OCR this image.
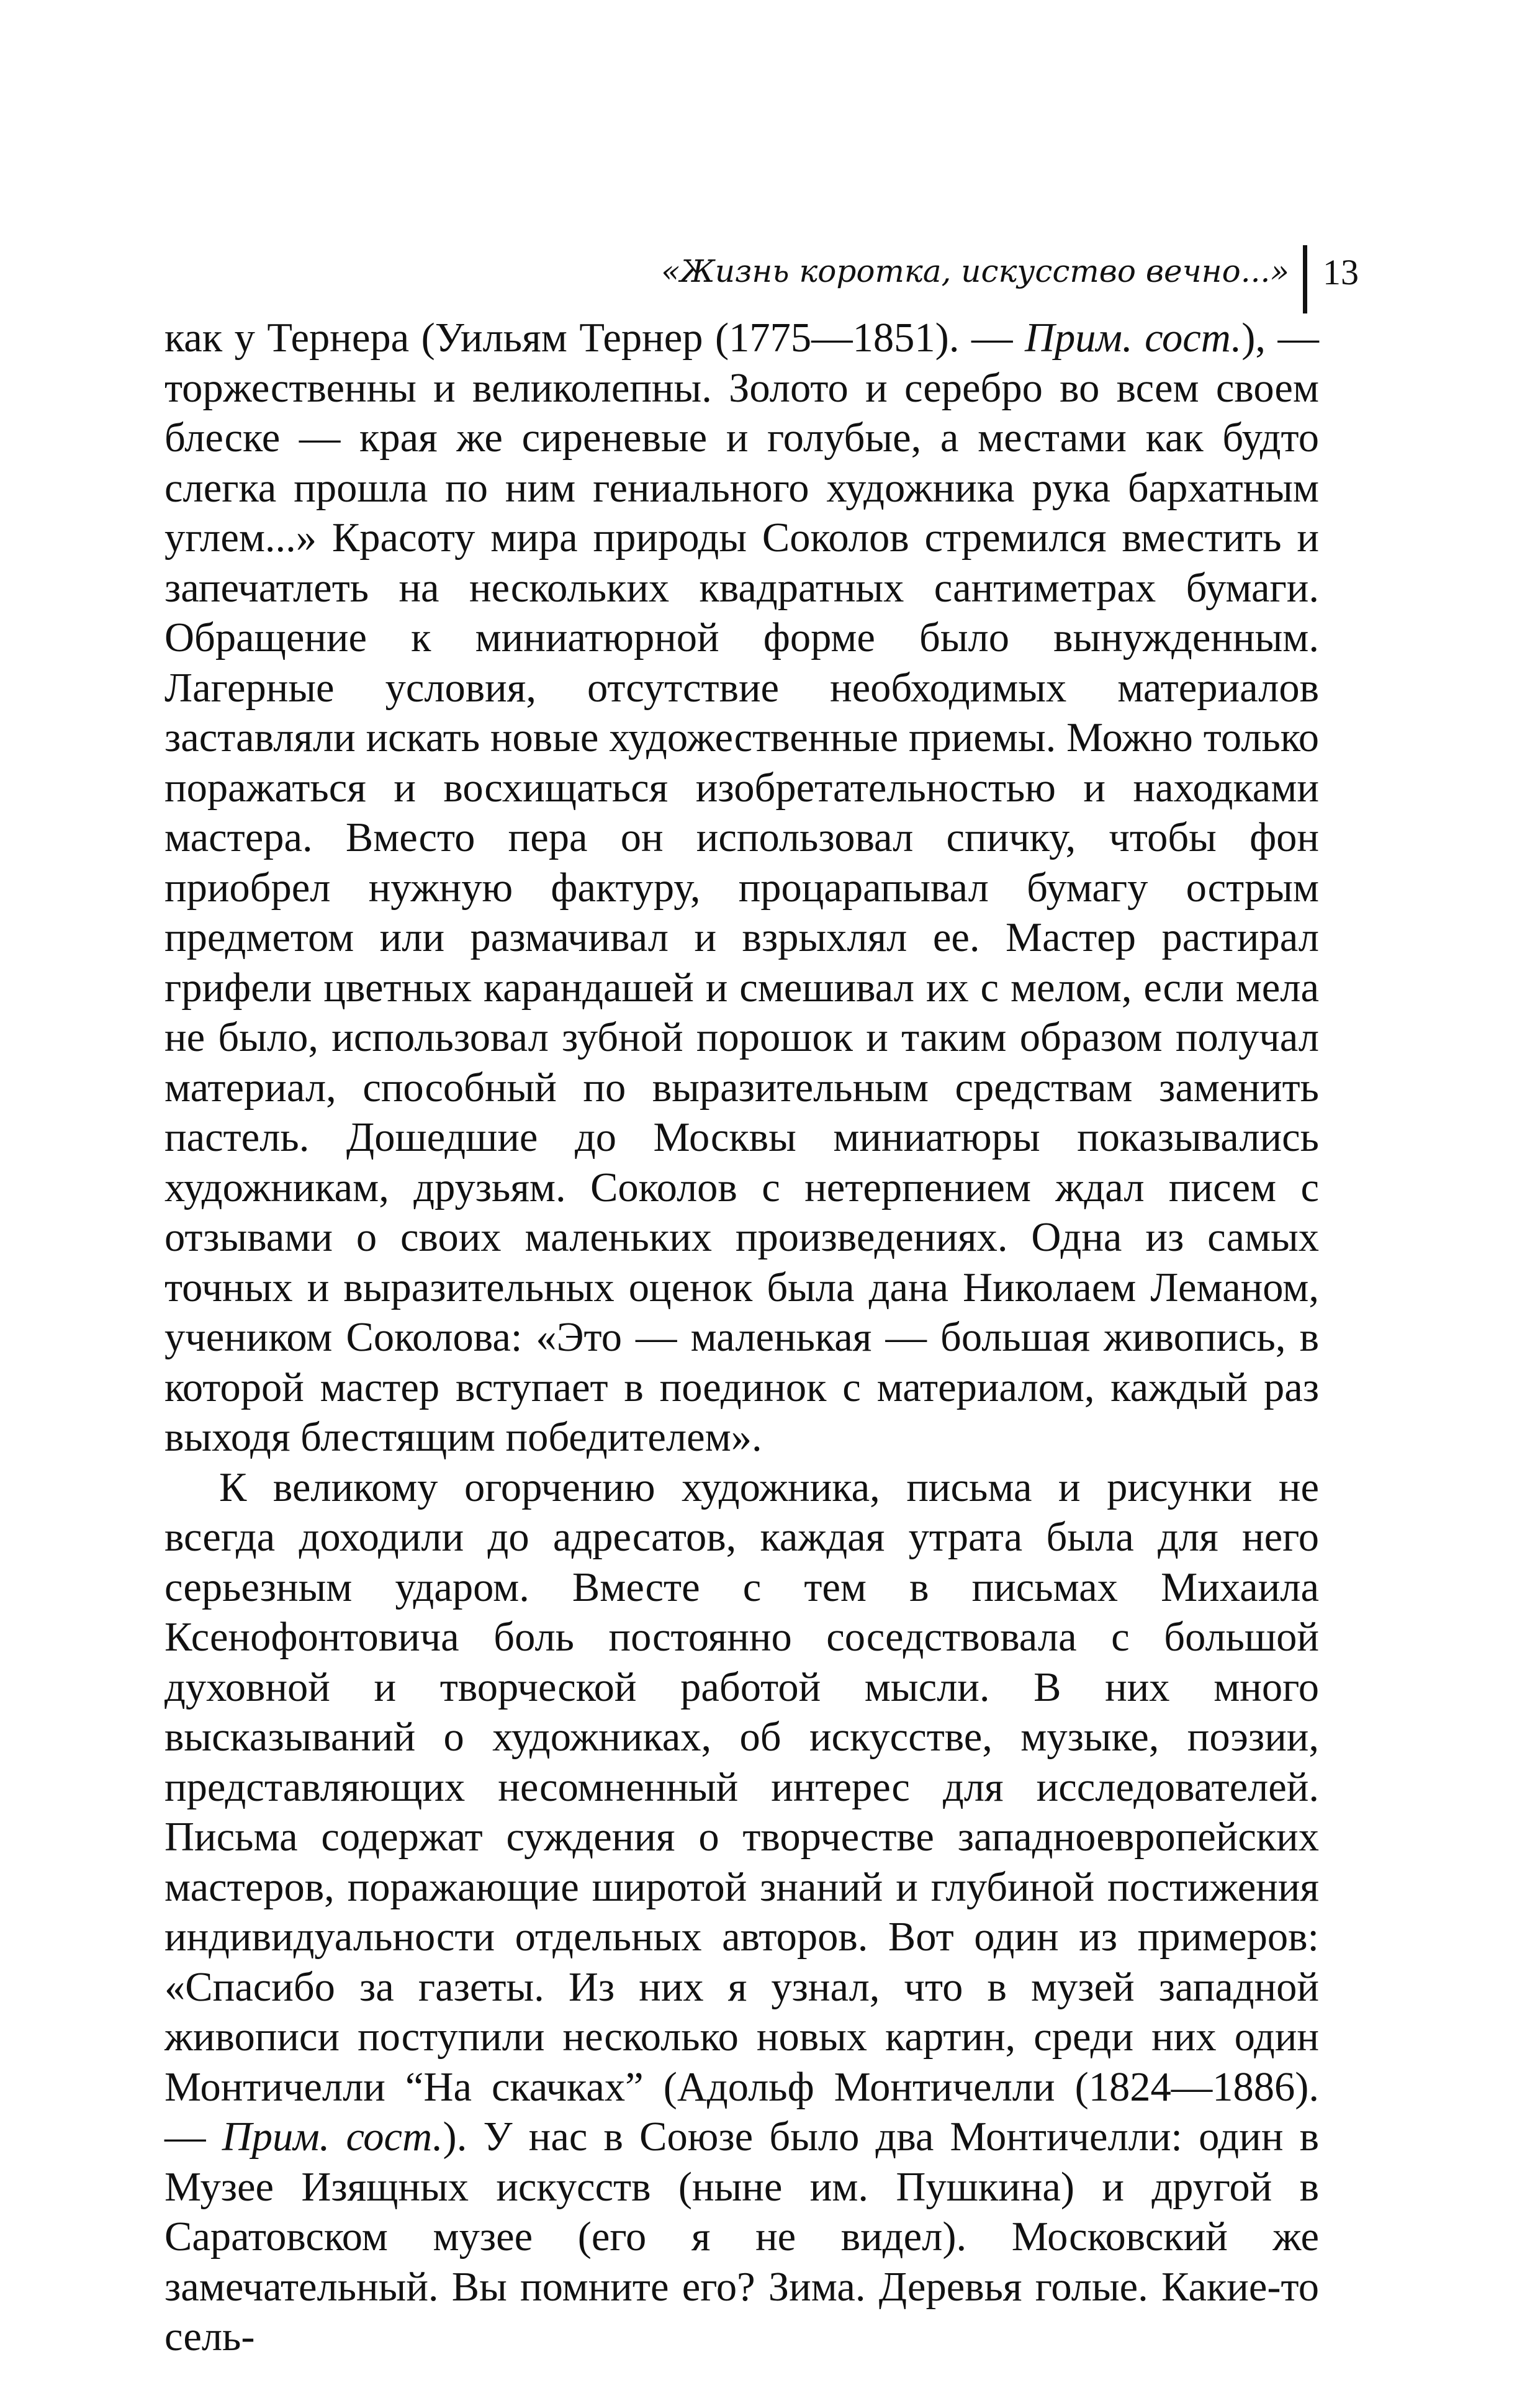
«Жизнь коротка, искусство вечно...» 13

как у Тернера (Уильям Тернер (1775—1851). — Прим. сост.), — торжественны и великолепны. Золото и серебро во всем своем блеске — края же сиреневые и голубые, а местами как будто слегка прошла по ним гениального художника рука бархатным углем...» Красоту мира природы Соколов стремился вместить и запечатлеть на нескольких квадратных сантиметрах бумаги. Обращение к миниатюрной форме было вынужденным. Лагерные условия, отсутствие необходимых материалов заставляли искать новые художественные приемы. Можно только поражаться и восхищаться изобретательностью и находками мастера. Вместо пера он использовал спичку, чтобы фон приобрел нужную фактуру, процарапывал бумагу острым предметом или размачивал и взрыхлял ее. Мастер растирал грифели цветных карандашей и смешивал их с мелом, если мела не было, использовал зубной порошок и таким образом получал материал, способный по выразительным средствам заменить пастель. Дошедшие до Москвы миниатюры показывались художникам, друзьям. Соколов с нетерпением ждал писем с отзывами о своих маленьких произведениях. Одна из самых точных и выразительных оценок была дана Николаем Леманом, учеником Соколова: «Это — маленькая — большая живопись, в которой мастер вступает в поединок с материалом, каждый раз выходя блестящим победителем».

К великому огорчению художника, письма и рисунки не всегда доходили до адресатов, каждая утрата была для него серьезным ударом. Вместе с тем в письмах Михаила Ксенофонтовича боль постоянно соседствовала с большой духовной и творческой работой мысли. В них много высказываний о художниках, об искусстве, музыке, поэзии, представляющих несомненный интерес для исследователей. Письма содержат суждения о творчестве западноевропейских мастеров, поражающие широтой знаний и глубиной постижения индивидуальности отдельных авторов. Вот один из примеров: «Спасибо за газеты. Из них я узнал, что в музей западной живописи поступили несколько новых картин, среди них один Монтичелли “На скачках” (Адольф Монтичелли (1824—1886). — Прим. сост.). У нас в Союзе было два Монтичелли: один в Музее Изящных искусств (ныне им. Пушкина) и другой в Саратовском музее (его я не видел). Московский же замечательный. Вы помните его? Зима. Деревья голые. Какие-то сель-
